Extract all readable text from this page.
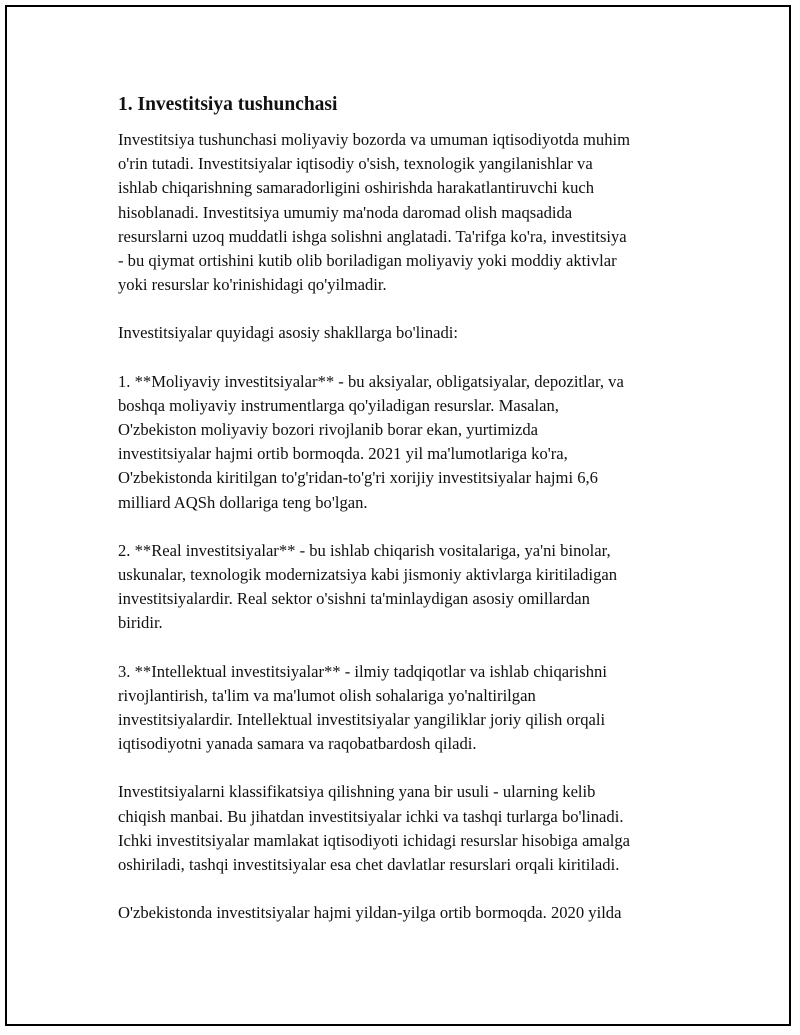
1. Investitsiya tushunchasi
Investitsiya tushunchasi moliyaviy bozorda va umuman iqtisodiyotda muhim
o'rin tutadi. Investitsiyalar iqtisodiy o'sish, texnologik yangilanishlar va
ishlab chiqarishning samaradorligini oshirishda harakatlantiruvchi kuch
hisoblanadi. Investitsiya umumiy ma'noda daromad olish maqsadida
resurslarni uzoq muddatli ishga solishni anglatadi. Ta'rifga ko'ra, investitsiya
- bu qiymat ortishini kutib olib boriladigan moliyaviy yoki moddiy aktivlar
yoki resurslar ko'rinishidagi qo'yilmadir.
Investitsiyalar quyidagi asosiy shakllarga bo'linadi:
1. **Moliyaviy investitsiyalar** - bu aksiyalar, obligatsiyalar, depozitlar, va
boshqa moliyaviy instrumentlarga qo'yiladigan resurslar. Masalan,
O'zbekiston moliyaviy bozori rivojlanib borar ekan, yurtimizda
investitsiyalar hajmi ortib bormoqda. 2021 yil ma'lumotlariga ko'ra,
O'zbekistonda kiritilgan to'g'ridan-to'g'ri xorijiy investitsiyalar hajmi 6,6
milliard AQSh dollariga teng bo'lgan.
2. **Real investitsiyalar** - bu ishlab chiqarish vositalariga, ya'ni binolar,
uskunalar, texnologik modernizatsiya kabi jismoniy aktivlarga kiritiladigan
investitsiyalardir. Real sektor o'sishni ta'minlaydigan asosiy omillardan
biridir.
3. **Intellektual investitsiyalar** - ilmiy tadqiqotlar va ishlab chiqarishni
rivojlantirish, ta'lim va ma'lumot olish sohalariga yo'naltirilgan
investitsiyalardir. Intellektual investitsiyalar yangiliklar joriy qilish orqali
iqtisodiyotni yanada samara va raqobatbardosh qiladi.
Investitsiyalarni klassifikatsiya qilishning yana bir usuli - ularning kelib
chiqish manbai. Bu jihatdan investitsiyalar ichki va tashqi turlarga bo'linadi.
Ichki investitsiyalar mamlakat iqtisodiyoti ichidagi resurslar hisobiga amalga
oshiriladi, tashqi investitsiyalar esa chet davlatlar resurslari orqali kiritiladi.
O'zbekistonda investitsiyalar hajmi yildan-yilga ortib bormoqda. 2020 yilda
